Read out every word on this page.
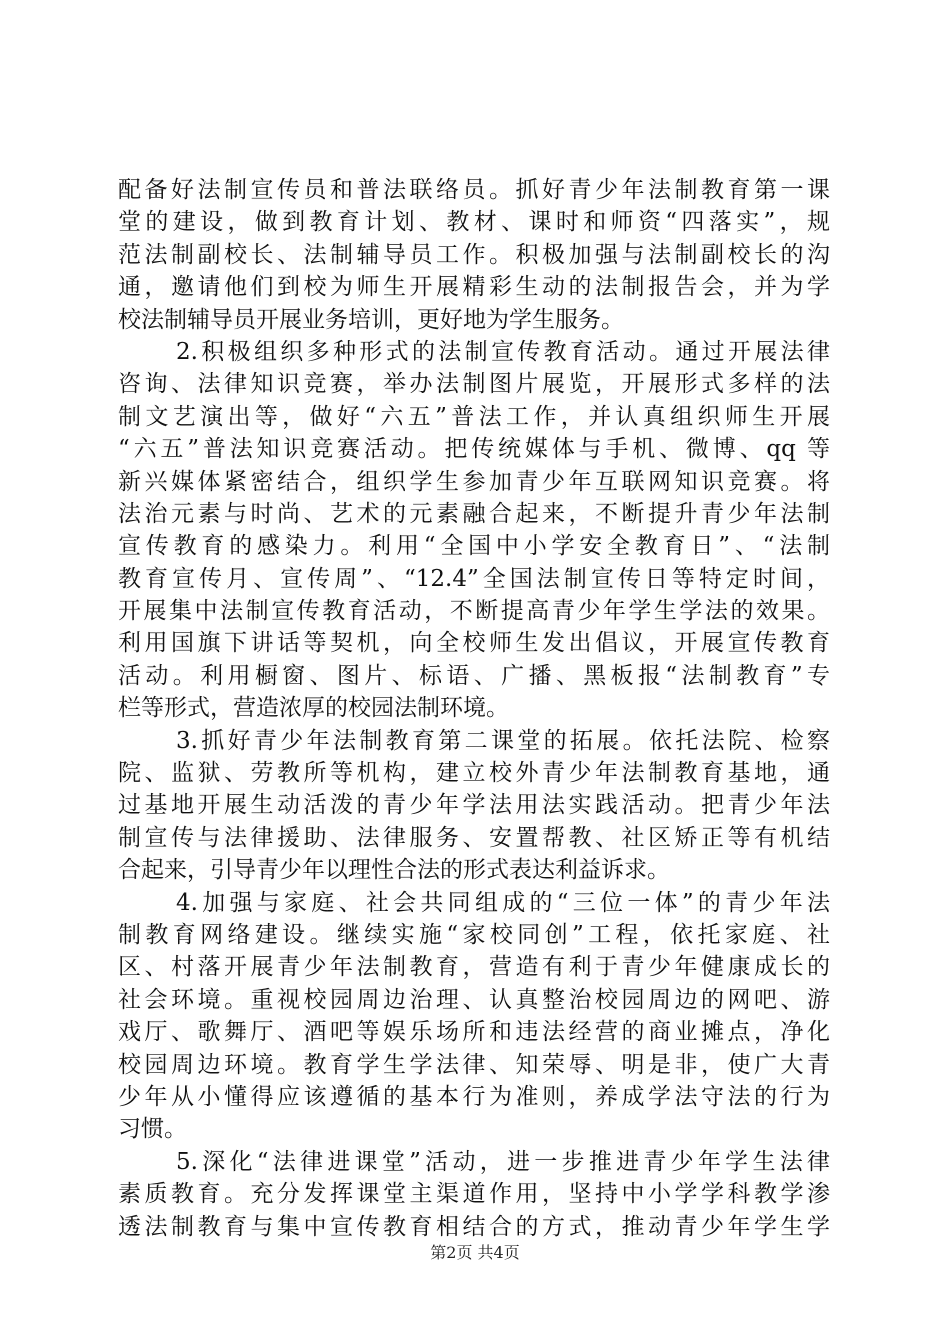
配备好法制宣传员和普法联络员。抓好青少年法制教育第一课
堂的建设，做到教育计划、教材、课时和师资“四落实”，规
范法制副校长、法制辅导员工作。积极加强与法制副校长的沟
通，邀请他们到校为师生开展精彩生动的法制报告会，并为学
校法制辅导员开展业务培训，更好地为学生服务。
2.积极组织多种形式的法制宣传教育活动。通过开展法律
咨询、法律知识竞赛，举办法制图片展览，开展形式多样的法
制文艺演出等，做好“六五”普法工作，并认真组织师生开展
“六五”普法知识竞赛活动。把传统媒体与手机、微博、qq 等
新兴媒体紧密结合，组织学生参加青少年互联网知识竞赛。将
法治元素与时尚、艺术的元素融合起来，不断提升青少年法制
宣传教育的感染力。利用“全国中小学安全教育日”、“法制
教育宣传月、宣传周”、“12.4”全国法制宣传日等特定时间，
开展集中法制宣传教育活动，不断提高青少年学生学法的效果。
利用国旗下讲话等契机，向全校师生发出倡议，开展宣传教育
活动。利用橱窗、图片、标语、广播、黑板报“法制教育”专
栏等形式，营造浓厚的校园法制环境。
3.抓好青少年法制教育第二课堂的拓展。依托法院、检察
院、监狱、劳教所等机构，建立校外青少年法制教育基地，通
过基地开展生动活泼的青少年学法用法实践活动。把青少年法
制宣传与法律援助、法律服务、安置帮教、社区矫正等有机结
合起来，引导青少年以理性合法的形式表达利益诉求。
4.加强与家庭、社会共同组成的“三位一体”的青少年法
制教育网络建设。继续实施“家校同创”工程，依托家庭、社
区、村落开展青少年法制教育，营造有利于青少年健康成长的
社会环境。重视校园周边治理、认真整治校园周边的网吧、游
戏厅、歌舞厅、酒吧等娱乐场所和违法经营的商业摊点，净化
校园周边环境。教育学生学法律、知荣辱、明是非，使广大青
少年从小懂得应该遵循的基本行为准则，养成学法守法的行为
习惯。
5.深化“法律进课堂”活动，进一步推进青少年学生法律
素质教育。充分发挥课堂主渠道作用，坚持中小学学科教学渗
透法制教育与集中宣传教育相结合的方式，推动青少年学生学
第2页 共4页
